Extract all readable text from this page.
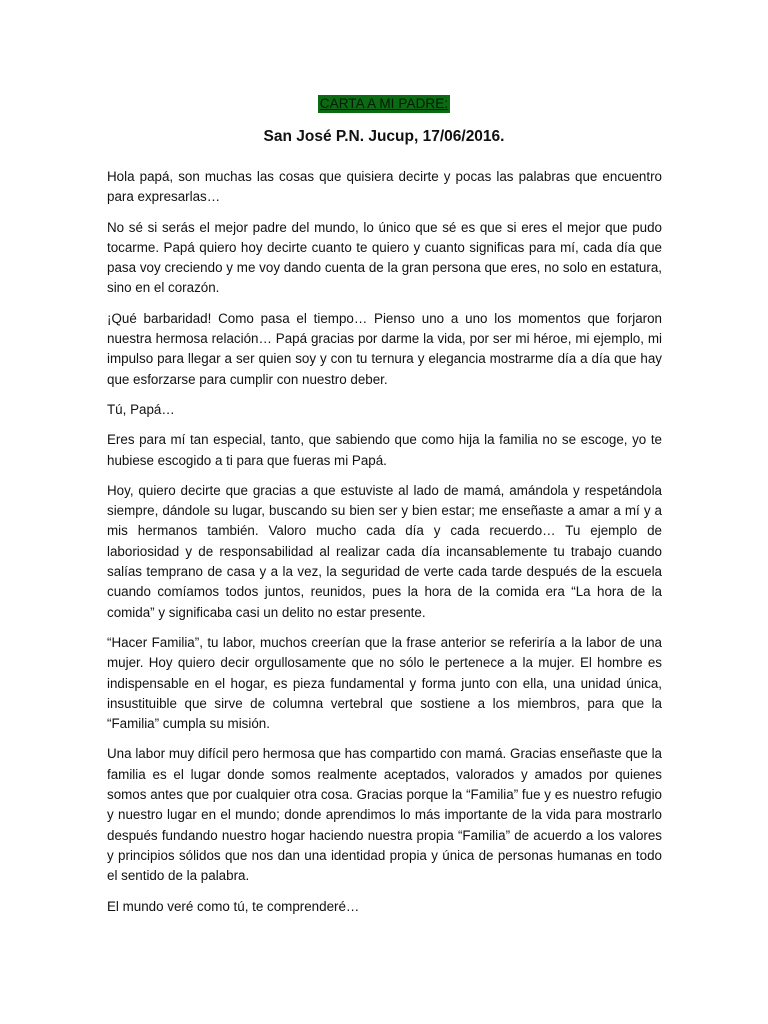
CARTA A MI PADRE:
San José P.N. Jucup, 17/06/2016.

Hola papá, son muchas las cosas que quisiera decirte y pocas las palabras que encuentro para expresarlas…

No sé si serás el mejor padre del mundo, lo único que sé es que si eres el mejor que pudo tocarme. Papá quiero hoy decirte cuanto te quiero y cuanto significas para mí, cada día que pasa voy creciendo y me voy dando cuenta de la gran persona que eres, no solo en estatura, sino en el corazón.

¡Qué barbaridad! Como pasa el tiempo… Pienso uno a uno los momentos que forjaron nuestra hermosa relación… Papá gracias por darme la vida, por ser mi héroe, mi ejemplo, mi impulso para llegar a ser quien soy y con tu ternura y elegancia mostrarme día a día que hay que esforzarse para cumplir con nuestro deber.

Tú, Papá…

Eres para mí tan especial, tanto, que sabiendo que como hija la familia no se escoge, yo te hubiese escogido a ti para que fueras mi Papá.

Hoy, quiero decirte que gracias a que estuviste al lado de mamá, amándola y respetándola siempre, dándole su lugar, buscando su bien ser y bien estar; me enseñaste a amar a mí y a mis hermanos también. Valoro mucho cada día y cada recuerdo… Tu ejemplo de laboriosidad y de responsabilidad al realizar cada día incansablemente tu trabajo cuando salías temprano de casa y a la vez, la seguridad de verte cada tarde después de la escuela cuando comíamos todos juntos, reunidos, pues la hora de la comida era “La hora de la comida” y significaba casi un delito no estar presente.

“Hacer Familia”, tu labor, muchos creerían que la frase anterior se referiría a la labor de una mujer. Hoy quiero decir orgullosamente que no sólo le pertenece a la mujer. El hombre es indispensable en el hogar, es pieza fundamental y forma junto con ella, una unidad única, insustituible que sirve de columna vertebral que sostiene a los miembros, para que la “Familia” cumpla su misión.

Una labor muy difícil pero hermosa que has compartido con mamá. Gracias enseñaste que la familia es el lugar donde somos realmente aceptados, valorados y amados por quienes somos antes que por cualquier otra cosa. Gracias porque la “Familia” fue y es nuestro refugio y nuestro lugar en el mundo; donde aprendimos lo más importante de la vida para mostrarlo después fundando nuestro hogar haciendo nuestra propia “Familia” de acuerdo a los valores y principios sólidos que nos dan una identidad propia y única de personas humanas en todo el sentido de la palabra.

El mundo veré como tú, te comprenderé…
